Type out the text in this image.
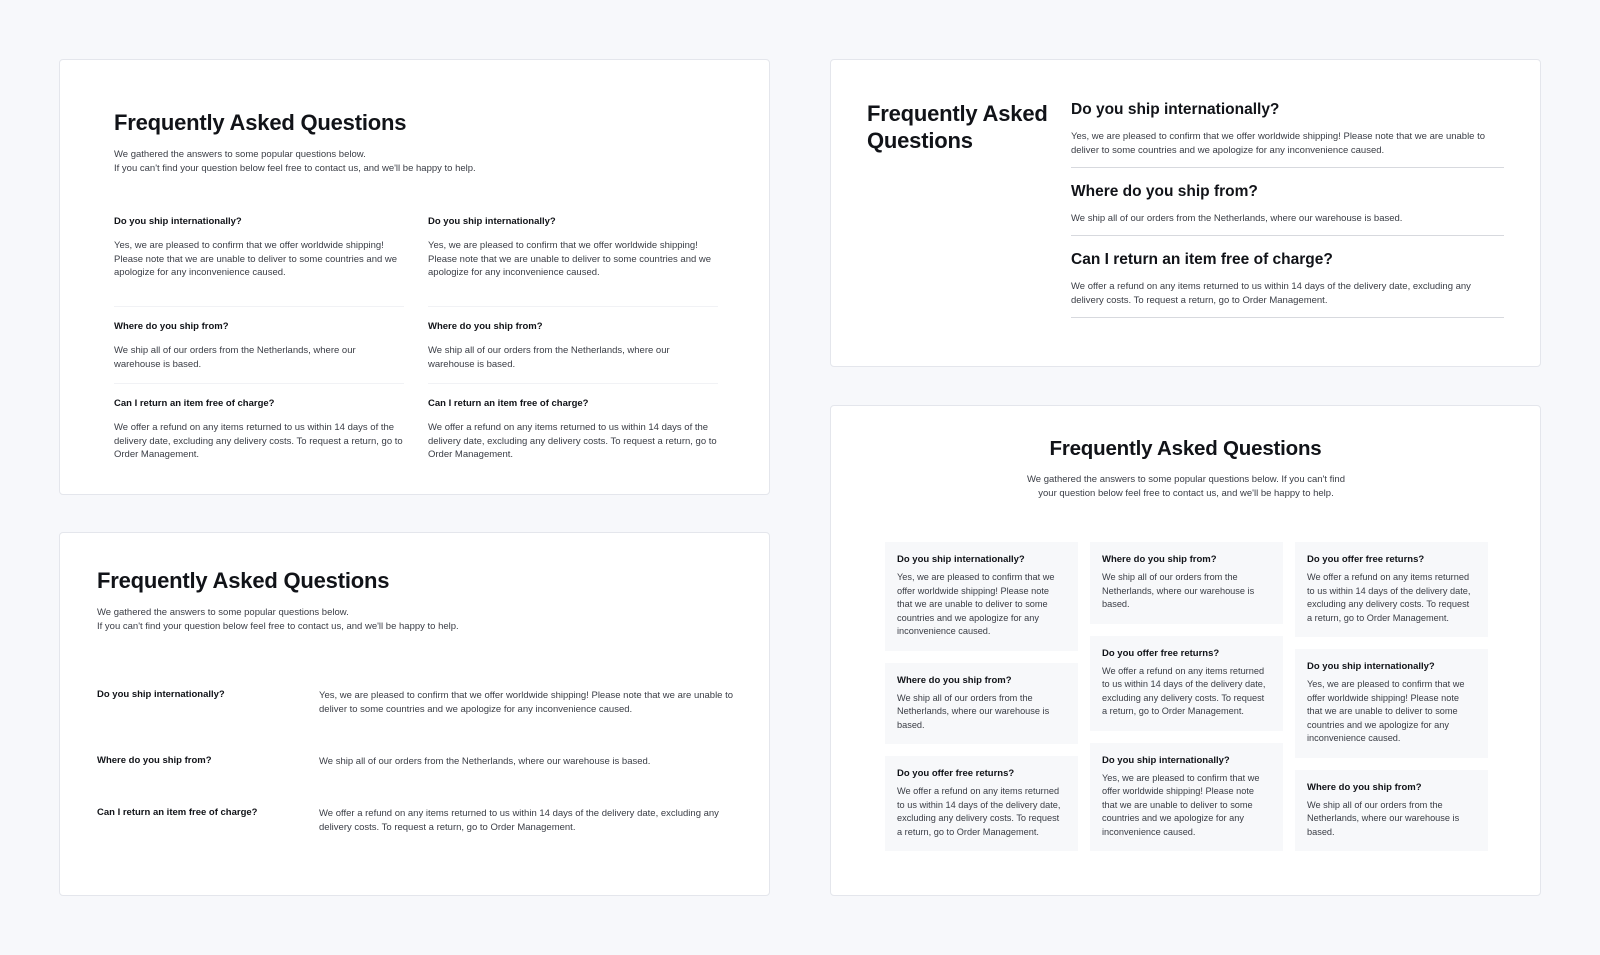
Frequently Asked Questions
We gathered the answers to some popular questions below.
If you can't find your question below feel free to contact us, and we'll be happy to help.
Do you ship internationally?
Yes, we are pleased to confirm that we offer worldwide shipping! Please note that we are unable to deliver to some countries and we apologize for any inconvenience caused.
Where do you ship from?
We ship all of our orders from the Netherlands, where our warehouse is based.
Can I return an item free of charge?
We offer a refund on any items returned to us within 14 days of the delivery date, excluding any delivery costs. To request a return, go to Order Management.
Do you ship internationally?
Yes, we are pleased to confirm that we offer worldwide shipping! Please note that we are unable to deliver to some countries and we apologize for any inconvenience caused.
Where do you ship from?
We ship all of our orders from the Netherlands, where our warehouse is based.
Can I return an item free of charge?
We offer a refund on any items returned to us within 14 days of the delivery date, excluding any delivery costs. To request a return, go to Order Management.
Frequently Asked Questions
We gathered the answers to some popular questions below.
If you can't find your question below feel free to contact us, and we'll be happy to help.
Do you ship internationally?	Yes, we are pleased to confirm that we offer worldwide shipping! Please note that we are unable to deliver to some countries and we apologize for any inconvenience caused.
Where do you ship from?	We ship all of our orders from the Netherlands, where our warehouse is based.
Can I return an item free of charge?	We offer a refund on any items returned to us within 14 days of the delivery date, excluding any delivery costs. To request a return, go to Order Management.
Frequently Asked Questions
Do you ship internationally?
Yes, we are pleased to confirm that we offer worldwide shipping! Please note that we are unable to deliver to some countries and we apologize for any inconvenience caused.
Where do you ship from?
We ship all of our orders from the Netherlands, where our warehouse is based.
Can I return an item free of charge?
We offer a refund on any items returned to us within 14 days of the delivery date, excluding any delivery costs. To request a return, go to Order Management.
Frequently Asked Questions
We gathered the answers to some popular questions below. If you can't find your question below feel free to contact us, and we'll be happy to help.
Do you ship internationally?
Yes, we are pleased to confirm that we offer worldwide shipping! Please note that we are unable to deliver to some countries and we apologize for any inconvenience caused.
Where do you ship from?
We ship all of our orders from the Netherlands, where our warehouse is based.
Do you offer free returns?
We offer a refund on any items returned to us within 14 days of the delivery date, excluding any delivery costs. To request a return, go to Order Management.
Where do you ship from?
We ship all of our orders from the Netherlands, where our warehouse is based.
Do you offer free returns?
We offer a refund on any items returned to us within 14 days of the delivery date, excluding any delivery costs. To request a return, go to Order Management.
Do you ship internationally?
Yes, we are pleased to confirm that we offer worldwide shipping! Please note that we are unable to deliver to some countries and we apologize for any inconvenience caused.
Do you offer free returns?
We offer a refund on any items returned to us within 14 days of the delivery date, excluding any delivery costs. To request a return, go to Order Management.
Do you ship internationally?
Yes, we are pleased to confirm that we offer worldwide shipping! Please note that we are unable to deliver to some countries and we apologize for any inconvenience caused.
Where do you ship from?
We ship all of our orders from the Netherlands, where our warehouse is based.
